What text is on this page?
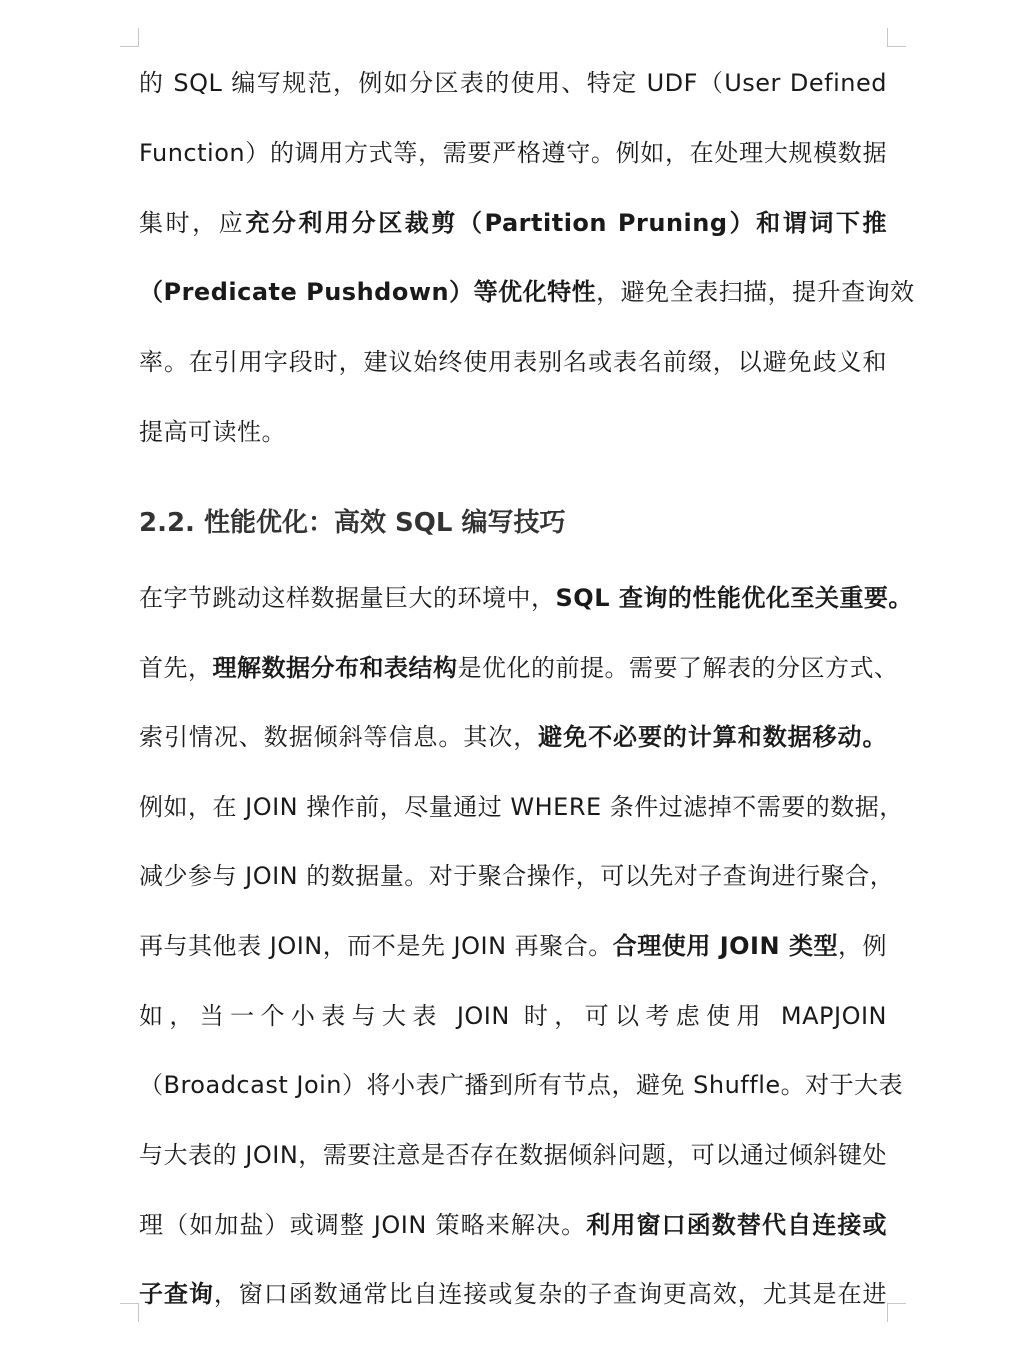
的 SQL 编写规范，例如分区表的使用、特定 UDF（User Defined
Function）的调用方式等，需要严格遵守。例如，在处理大规模数据
集时，应充分利用分区裁剪（Partition Pruning）和谓词下推
（Predicate Pushdown）等优化特性，避免全表扫描，提升查询效
率。在引用字段时，建议始终使用表别名或表名前缀，以避免歧义和
提高可读性。
2.2. 性能优化：高效 SQL 编写技巧
在字节跳动这样数据量巨大的环境中，SQL 查询的性能优化至关重要。
首先，理解数据分布和表结构是优化的前提。需要了解表的分区方式、
索引情况、数据倾斜等信息。其次，避免不必要的计算和数据移动。
例如，在 JOIN 操作前，尽量通过 WHERE 条件过滤掉不需要的数据，
减少参与 JOIN 的数据量。对于聚合操作，可以先对子查询进行聚合，
再与其他表 JOIN，而不是先 JOIN 再聚合。合理使用 JOIN 类型，例
如，当一个小表与大表 JOIN 时，可以考虑使用 MAPJOIN
（Broadcast Join）将小表广播到所有节点，避免 Shuffle。对于大表
与大表的 JOIN，需要注意是否存在数据倾斜问题，可以通过倾斜键处
理（如加盐）或调整 JOIN 策略来解决。利用窗口函数替代自连接或
子查询，窗口函数通常比自连接或复杂的子查询更高效，尤其是在进
